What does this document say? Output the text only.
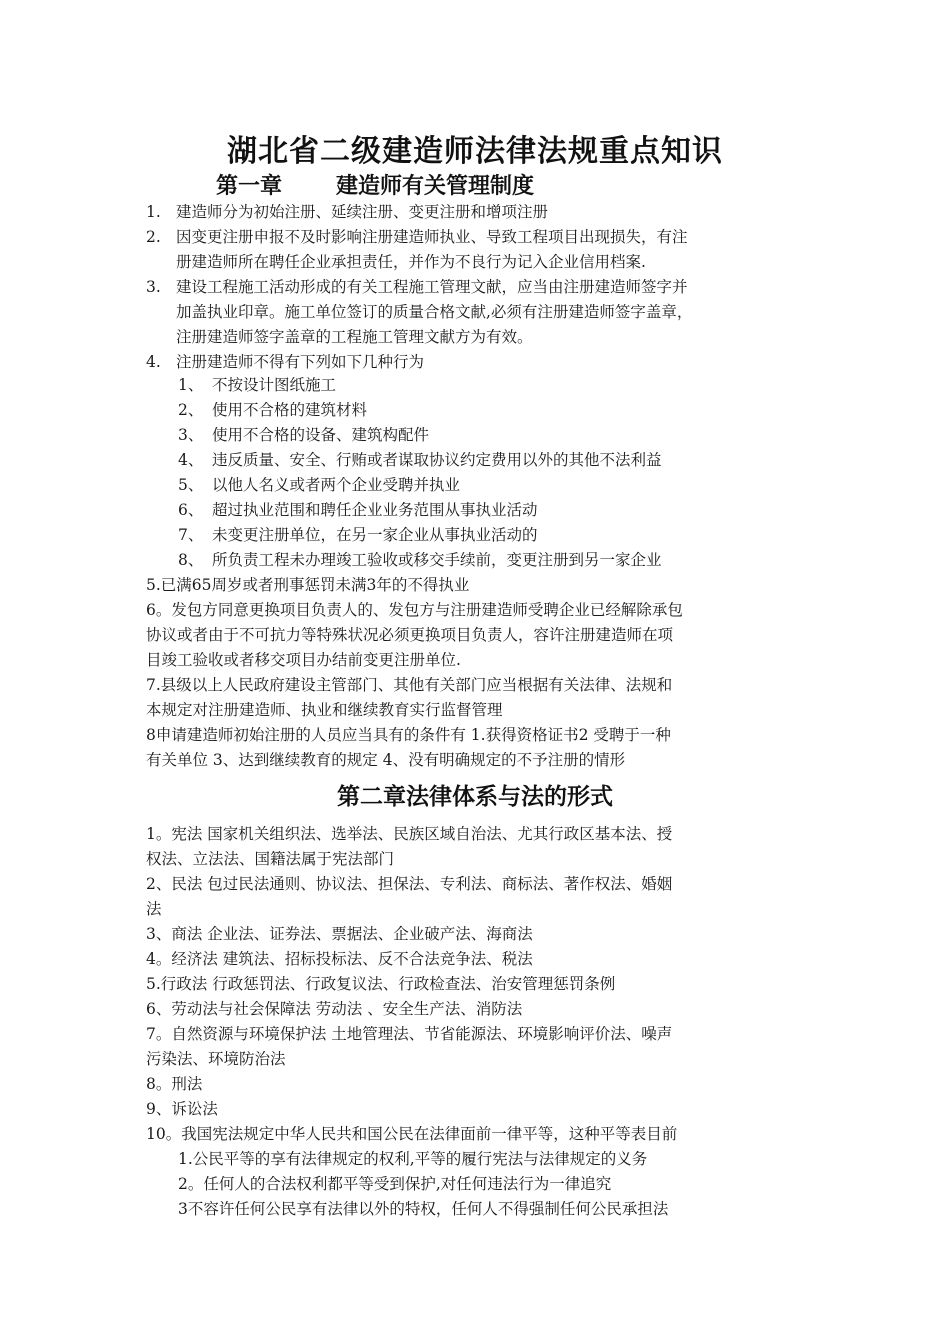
湖北省二级建造师法律法规重点知识
第一章 建造师有关管理制度
1. 建造师分为初始注册、延续注册、变更注册和增项注册
2. 因变更注册申报不及时影响注册建造师执业、导致工程项目出现损失，有注
册建造师所在聘任企业承担责任，并作为不良行为记入企业信用档案.
3. 建设工程施工活动形成的有关工程施工管理文献，应当由注册建造师签字并
加盖执业印章。施工单位签订的质量合格文献,必须有注册建造师签字盖章，
注册建造师签字盖章的工程施工管理文献方为有效。
4. 注册建造师不得有下列如下几种行为
1、 不按设计图纸施工
2、 使用不合格的建筑材料
3、 使用不合格的设备、建筑构配件
4、 违反质量、安全、行贿或者谋取协议约定费用以外的其他不法利益
5、 以他人名义或者两个企业受聘并执业
6、 超过执业范围和聘任企业业务范围从事执业活动
7、 未变更注册单位，在另一家企业从事执业活动的
8、 所负责工程未办理竣工验收或移交手续前，变更注册到另一家企业
5.已满65周岁或者刑事惩罚未满3年的不得执业
6。发包方同意更换项目负责人的、发包方与注册建造师受聘企业已经解除承包
协议或者由于不可抗力等特殊状况必须更换项目负责人，容许注册建造师在项
目竣工验收或者移交项目办结前变更注册单位.
7.县级以上人民政府建设主管部门、其他有关部门应当根据有关法律、法规和
本规定对注册建造师、执业和继续教育实行监督管理
8申请建造师初始注册的人员应当具有的条件有 1.获得资格证书2 受聘于一种
有关单位 3、达到继续教育的规定 4、没有明确规定的不予注册的情形
第二章法律体系与法的形式
1。宪法 国家机关组织法、选举法、民族区域自治法、尤其行政区基本法、授
权法、立法法、国籍法属于宪法部门
2、民法 包过民法通则、协议法、担保法、专利法、商标法、著作权法、婚姻
法
3、商法 企业法、证券法、票据法、企业破产法、海商法
4。经济法 建筑法、招标投标法、反不合法竞争法、税法
5.行政法 行政惩罚法、行政复议法、行政检查法、治安管理惩罚条例
6、劳动法与社会保障法 劳动法 、安全生产法、消防法
7。自然资源与环境保护法 土地管理法、节省能源法、环境影响评价法、噪声
污染法、环境防治法
8。刑法
9、诉讼法
10。我国宪法规定中华人民共和国公民在法律面前一律平等，这种平等表目前
1.公民平等的享有法律规定的权利,平等的履行宪法与法律规定的义务
2。任何人的合法权利都平等受到保护,对任何违法行为一律追究
3不容许任何公民享有法律以外的特权，任何人不得强制任何公民承担法
